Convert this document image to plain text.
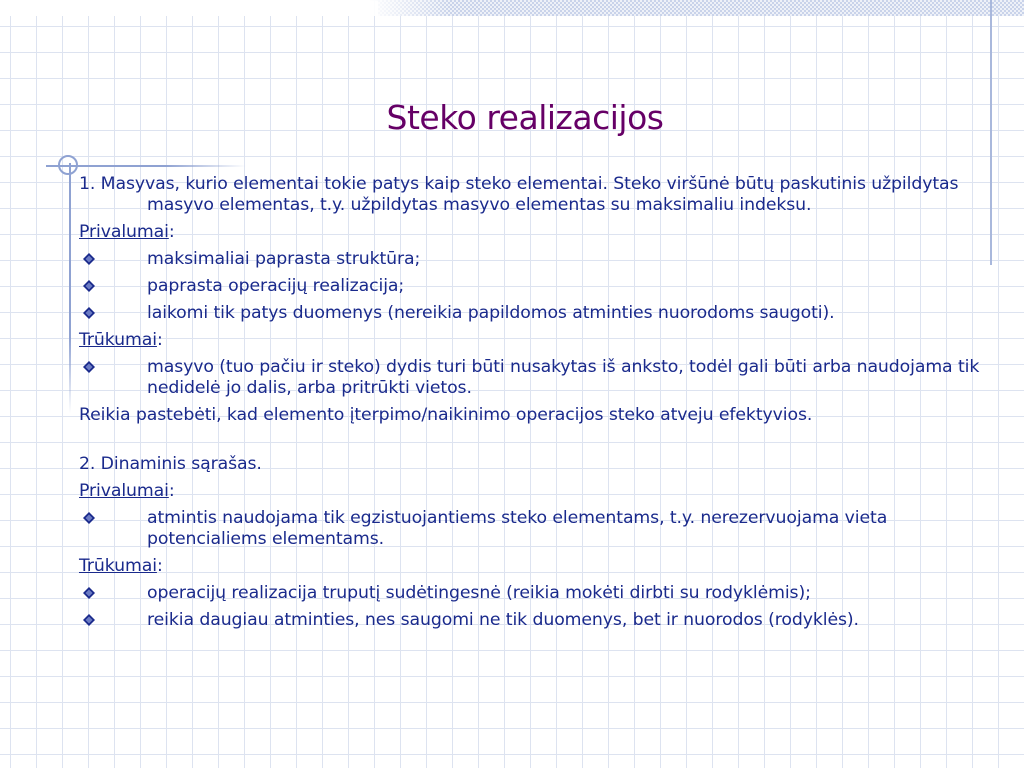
Steko realizacijos
1. Masyvas, kurio elementai tokie patys kaip steko elementai. Steko viršūnė būtų paskutinis užpildytas masyvo elementas, t.y. užpildytas masyvo elementas su maksimaliu indeksu.
Privalumai:
maksimaliai paprasta struktūra;
paprasta operacijų realizacija;
laikomi tik patys duomenys (nereikia papildomos atminties nuorodoms saugoti).
Trūkumai:
masyvo (tuo pačiu ir steko) dydis turi būti nusakytas iš anksto, todėl gali būti arba naudojama tik nedidelė jo dalis, arba pritrūkti vietos.
Reikia pastebėti, kad elemento įterpimo/naikinimo operacijos steko atveju efektyvios.
2. Dinaminis sąrašas.
Privalumai:
atmintis naudojama tik egzistuojantiems steko elementams, t.y. nerezervuojama vieta potencialiems elementams.
Trūkumai:
operacijų realizacija truputį sudėtingesnė (reikia mokėti dirbti su rodyklėmis);
reikia daugiau atminties, nes saugomi ne tik duomenys, bet ir nuorodos (rodyklės).
